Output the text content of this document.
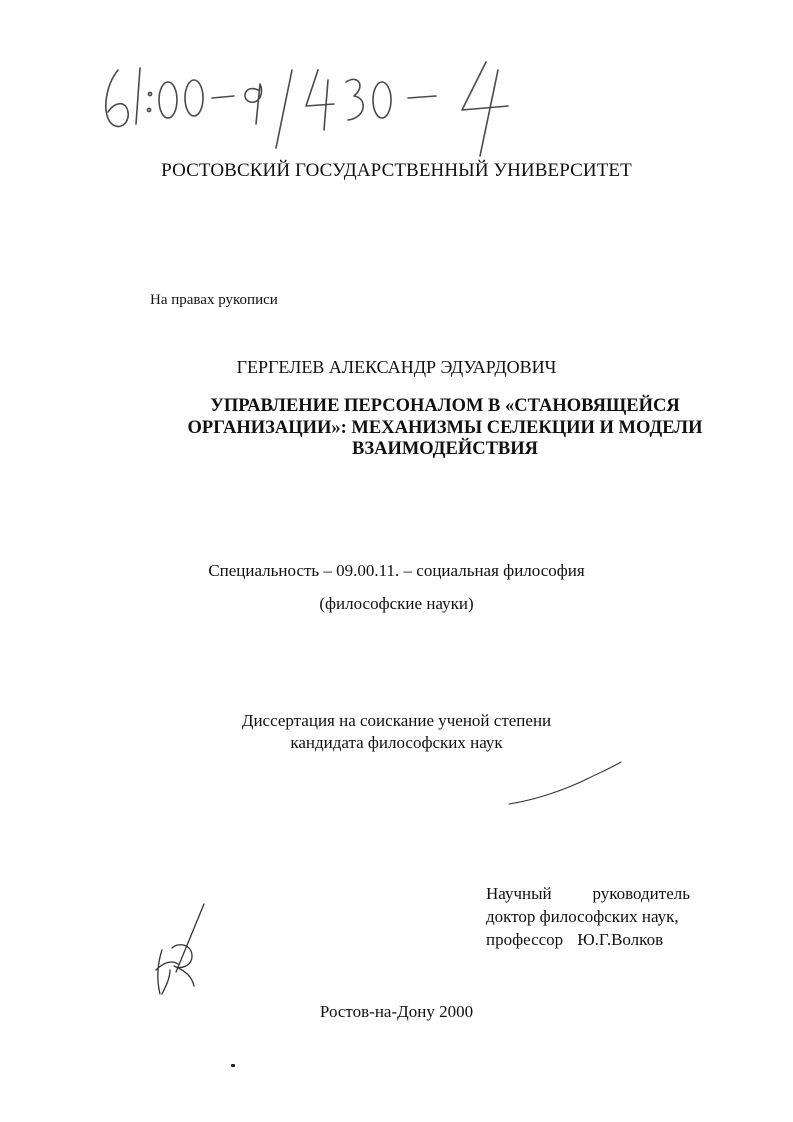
РОСТОВСКИЙ ГОСУДАРСТВЕННЫЙ УНИВЕРСИТЕТ

На правах рукописи

ГЕРГЕЛЕВ АЛЕКСАНДР ЭДУАРДОВИЧ

УПРАВЛЕНИЕ ПЕРСОНАЛОМ В «СТАНОВЯЩЕЙСЯ
ОРГАНИЗАЦИИ»: МЕХАНИЗМЫ СЕЛЕКЦИИ И МОДЕЛИ
ВЗАИМОДЕЙСТВИЯ

Специальность – 09.00.11. – социальная философия

(философские науки)

Диссертация на соискание ученой степени
кандидата философских наук
Научный руководитель
доктор философских наук,
профессор Ю.Г.Волков

Ростов-на-Дону 2000
